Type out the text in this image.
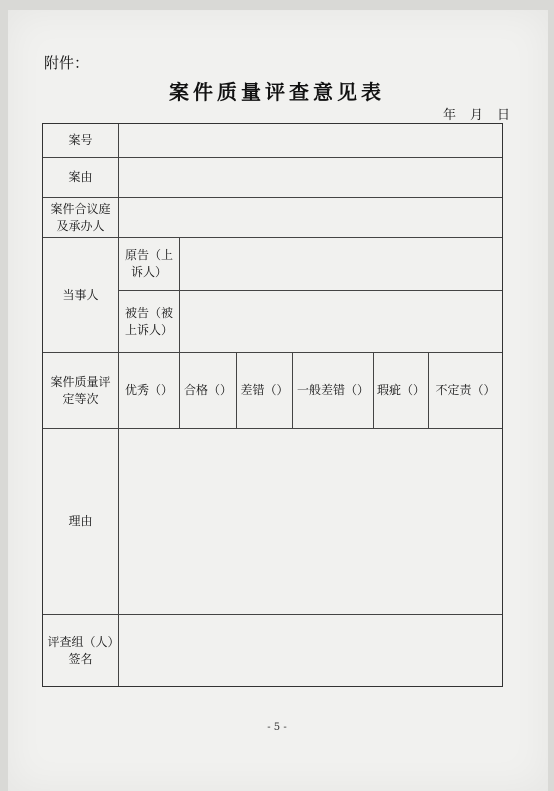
附件：
案件质量评查意见表
年 月 日
案号
案由
案件合议庭及承办人
当事人
原告（上诉人）
被告（被上诉人）
案件质量评定等次
优秀（） 合格（） 差错（） 一般差错（） 瑕疵（） 不定责（）
理由
评查组（人）签名
- 5 -
